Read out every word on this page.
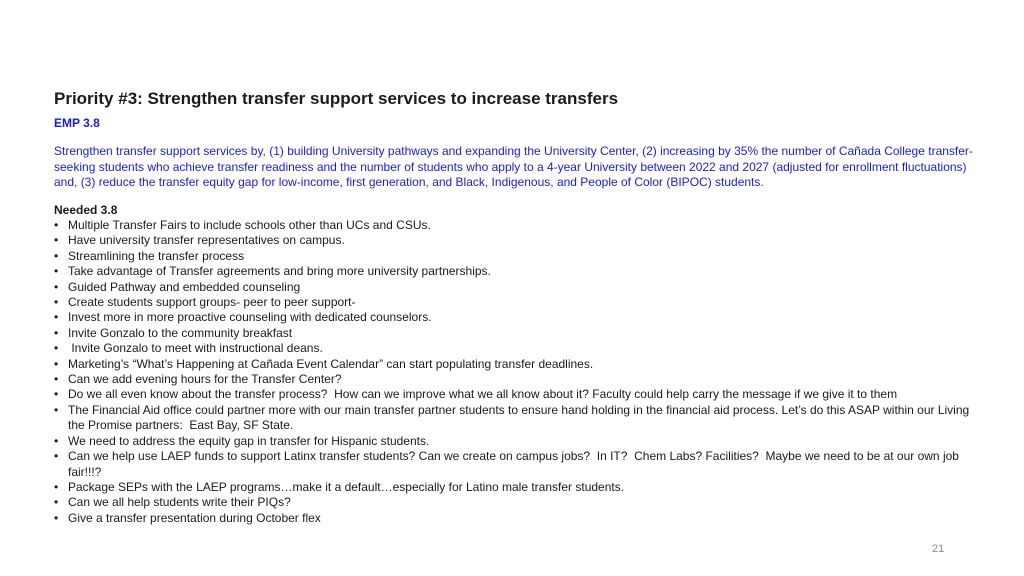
Priority #3: Strengthen transfer support services to increase transfers
EMP 3.8
Strengthen transfer support services by, (1) building University pathways and expanding the University Center, (2) increasing by 35% the number of Cañada College transfer-seeking students who achieve transfer readiness and the number of students who apply to a 4-year University between 2022 and 2027 (adjusted for enrollment fluctuations) and, (3) reduce the transfer equity gap for low-income, first generation, and Black, Indigenous, and People of Color (BIPOC) students.
Needed 3.8
• Multiple Transfer Fairs to include schools other than UCs and CSUs.
• Have university transfer representatives on campus.
• Streamlining the transfer process
• Take advantage of Transfer agreements and bring more university partnerships.
• Guided Pathway and embedded counseling
• Create students support groups- peer to peer support-
• Invest more in more proactive counseling with dedicated counselors.
• Invite Gonzalo to the community breakfast
• Invite Gonzalo to meet with instructional deans.
• Marketing’s “What’s Happening at Cañada Event Calendar” can start populating transfer deadlines.
• Can we add evening hours for the Transfer Center?
• Do we all even know about the transfer process?  How can we improve what we all know about it? Faculty could help carry the message if we give it to them
• The Financial Aid office could partner more with our main transfer partner students to ensure hand holding in the financial aid process. Let’s do this ASAP within our Living the Promise partners:  East Bay, SF State.
• We need to address the equity gap in transfer for Hispanic students.
• Can we help use LAEP funds to support Latinx transfer students? Can we create on campus jobs?  In IT?  Chem Labs? Facilities?  Maybe we need to be at our own job fair!!!?
• Package SEPs with the LAEP programs…make it a default…especially for Latino male transfer students.
• Can we all help students write their PIQs?
• Give a transfer presentation during October flex
21
